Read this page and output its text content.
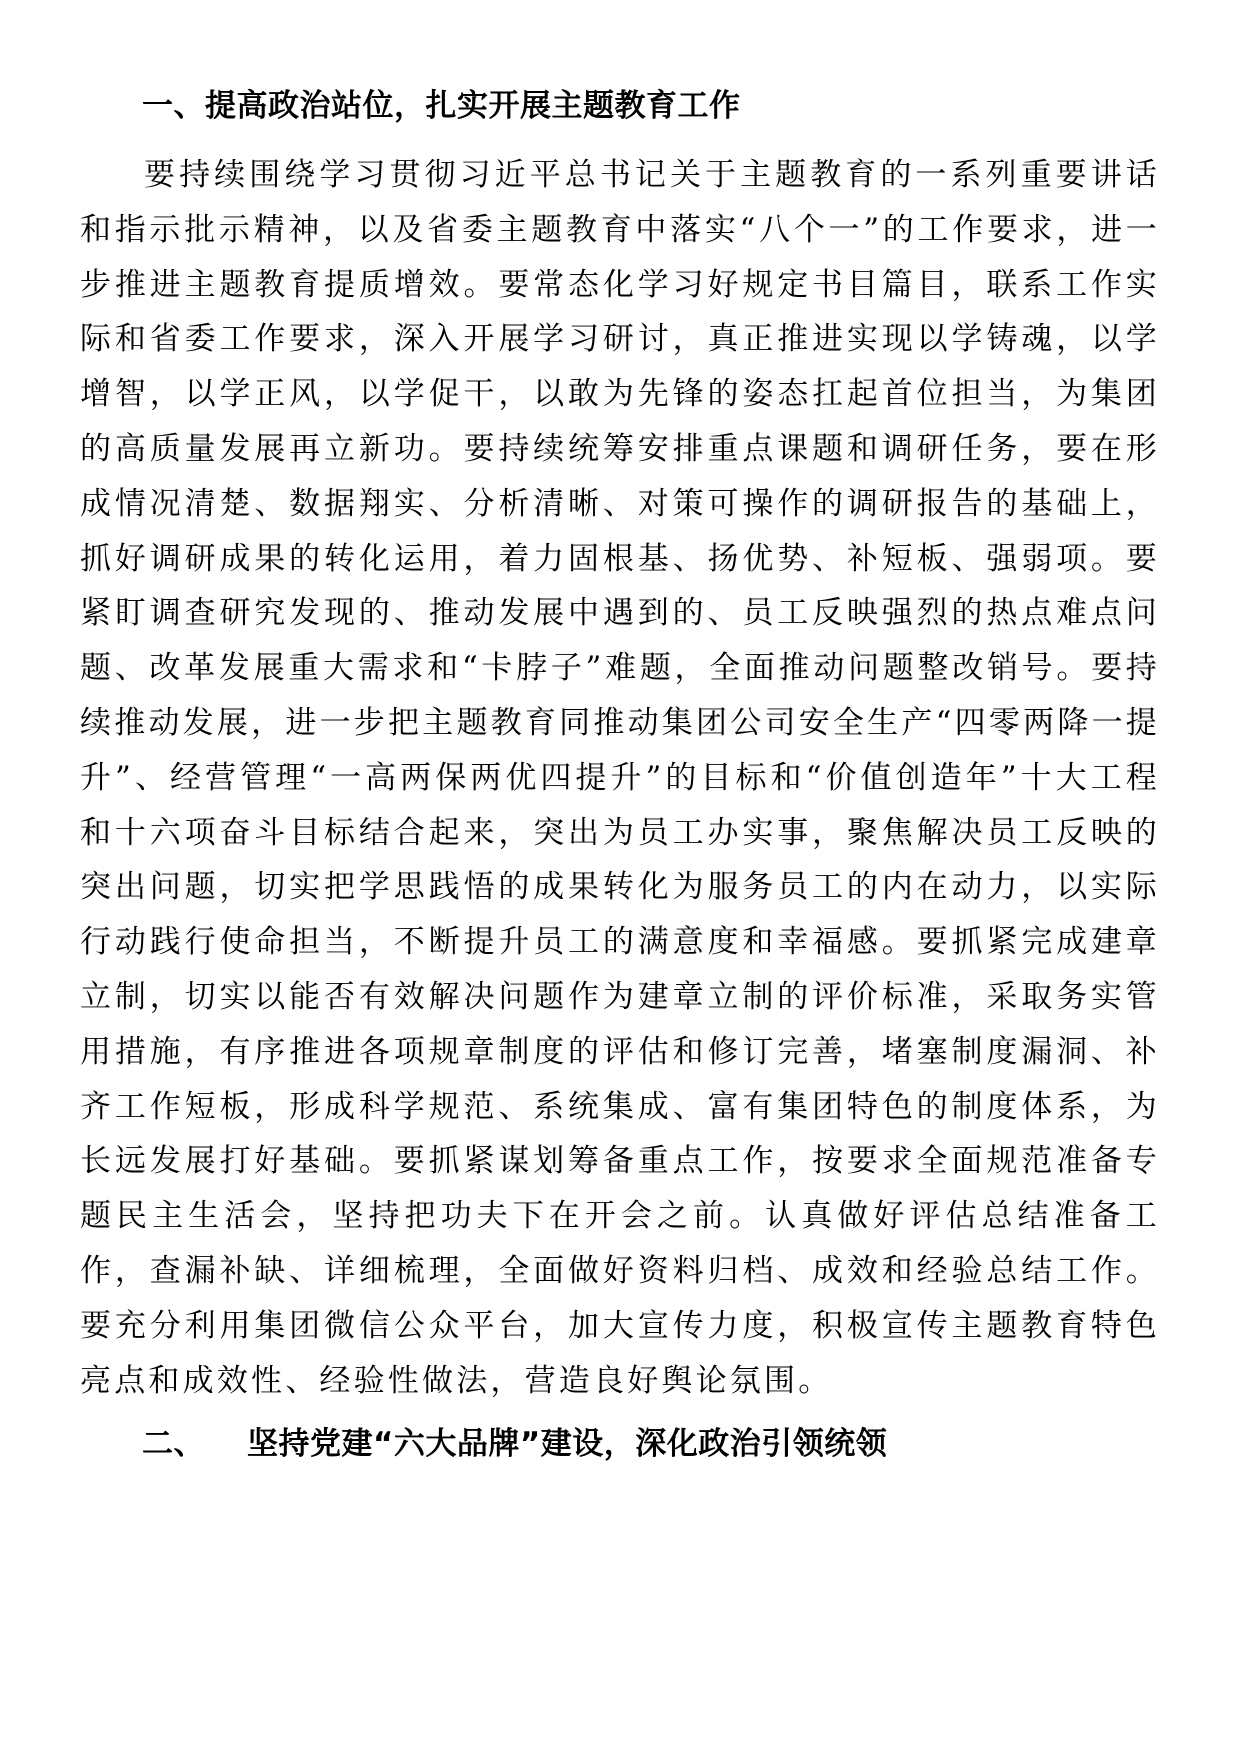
一、提高政治站位，扎实开展主题教育工作

要持续围绕学习贯彻习近平总书记关于主题教育的一系列重要讲话和指示批示精神，以及省委主题教育中落实“八个一”的工作要求，进一步推进主题教育提质增效。要常态化学习好规定书目篇目，联系工作实际和省委工作要求，深入开展学习研讨，真正推进实现以学铸魂，以学增智，以学正风，以学促干，以敢为先锋的姿态扛起首位担当，为集团的高质量发展再立新功。要持续统筹安排重点课题和调研任务，要在形成情况清楚、数据翔实、分析清晰、对策可操作的调研报告的基础上，抓好调研成果的转化运用，着力固根基、扬优势、补短板、强弱项。要紧盯调查研究发现的、推动发展中遇到的、员工反映强烈的热点难点问题、改革发展重大需求和“卡脖子”难题，全面推动问题整改销号。要持续推动发展，进一步把主题教育同推动集团公司安全生产“四零两降一提升”、经营管理“一高两保两优四提升”的目标和“价值创造年”十大工程和十六项奋斗目标结合起来，突出为员工办实事，聚焦解决员工反映的突出问题，切实把学思践悟的成果转化为服务员工的内在动力，以实际行动践行使命担当，不断提升员工的满意度和幸福感。要抓紧完成建章立制，切实以能否有效解决问题作为建章立制的评价标准，采取务实管用措施，有序推进各项规章制度的评估和修订完善，堵塞制度漏洞、补齐工作短板，形成科学规范、系统集成、富有集团特色的制度体系，为长远发展打好基础。要抓紧谋划筹备重点工作，按要求全面规范准备专题民主生活会，坚持把功夫下在开会之前。认真做好评估总结准备工作，查漏补缺、详细梳理，全面做好资料归档、成效和经验总结工作。要充分利用集团微信公众平台，加大宣传力度，积极宣传主题教育特色亮点和成效性、经验性做法，营造良好舆论氛围。

二、 坚持党建“六大品牌”建设，深化政治引领统领
